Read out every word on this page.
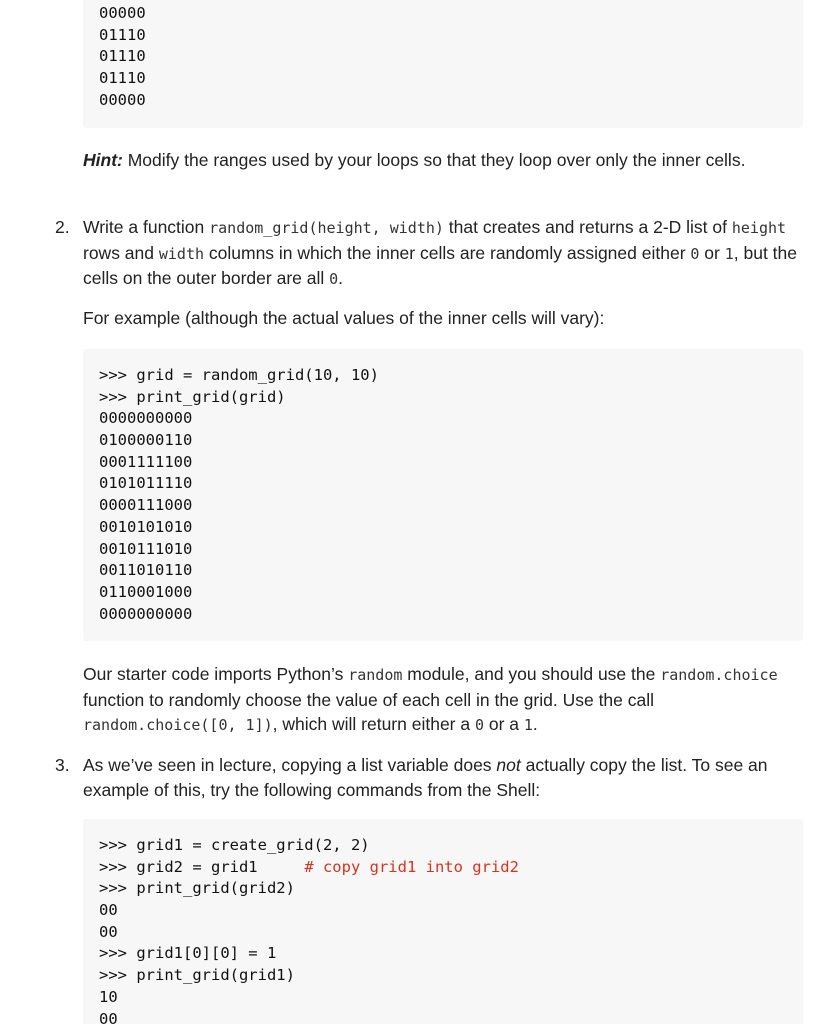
00000
01110
01110
01110
00000
Hint: Modify the ranges used by your loops so that they loop over only the inner cells.
2. Write a function random_grid(height, width) that creates and returns a 2-D list of height rows and width columns in which the inner cells are randomly assigned either 0 or 1, but the cells on the outer border are all 0.
For example (although the actual values of the inner cells will vary):
>>> grid = random_grid(10, 10)
>>> print_grid(grid)
0000000000
0100000110
0001111100
0101011110
0000111000
0010101010
0010111010
0011010110
0110001000
0000000000
Our starter code imports Python’s random module, and you should use the random.choice function to randomly choose the value of each cell in the grid. Use the call random.choice([0, 1]), which will return either a 0 or a 1.
3. As we’ve seen in lecture, copying a list variable does not actually copy the list. To see an example of this, try the following commands from the Shell:
>>> grid1 = create_grid(2, 2)
>>> grid2 = grid1     # copy grid1 into grid2
>>> print_grid(grid2)
00
00
>>> grid1[0][0] = 1
>>> print_grid(grid1)
10
00
